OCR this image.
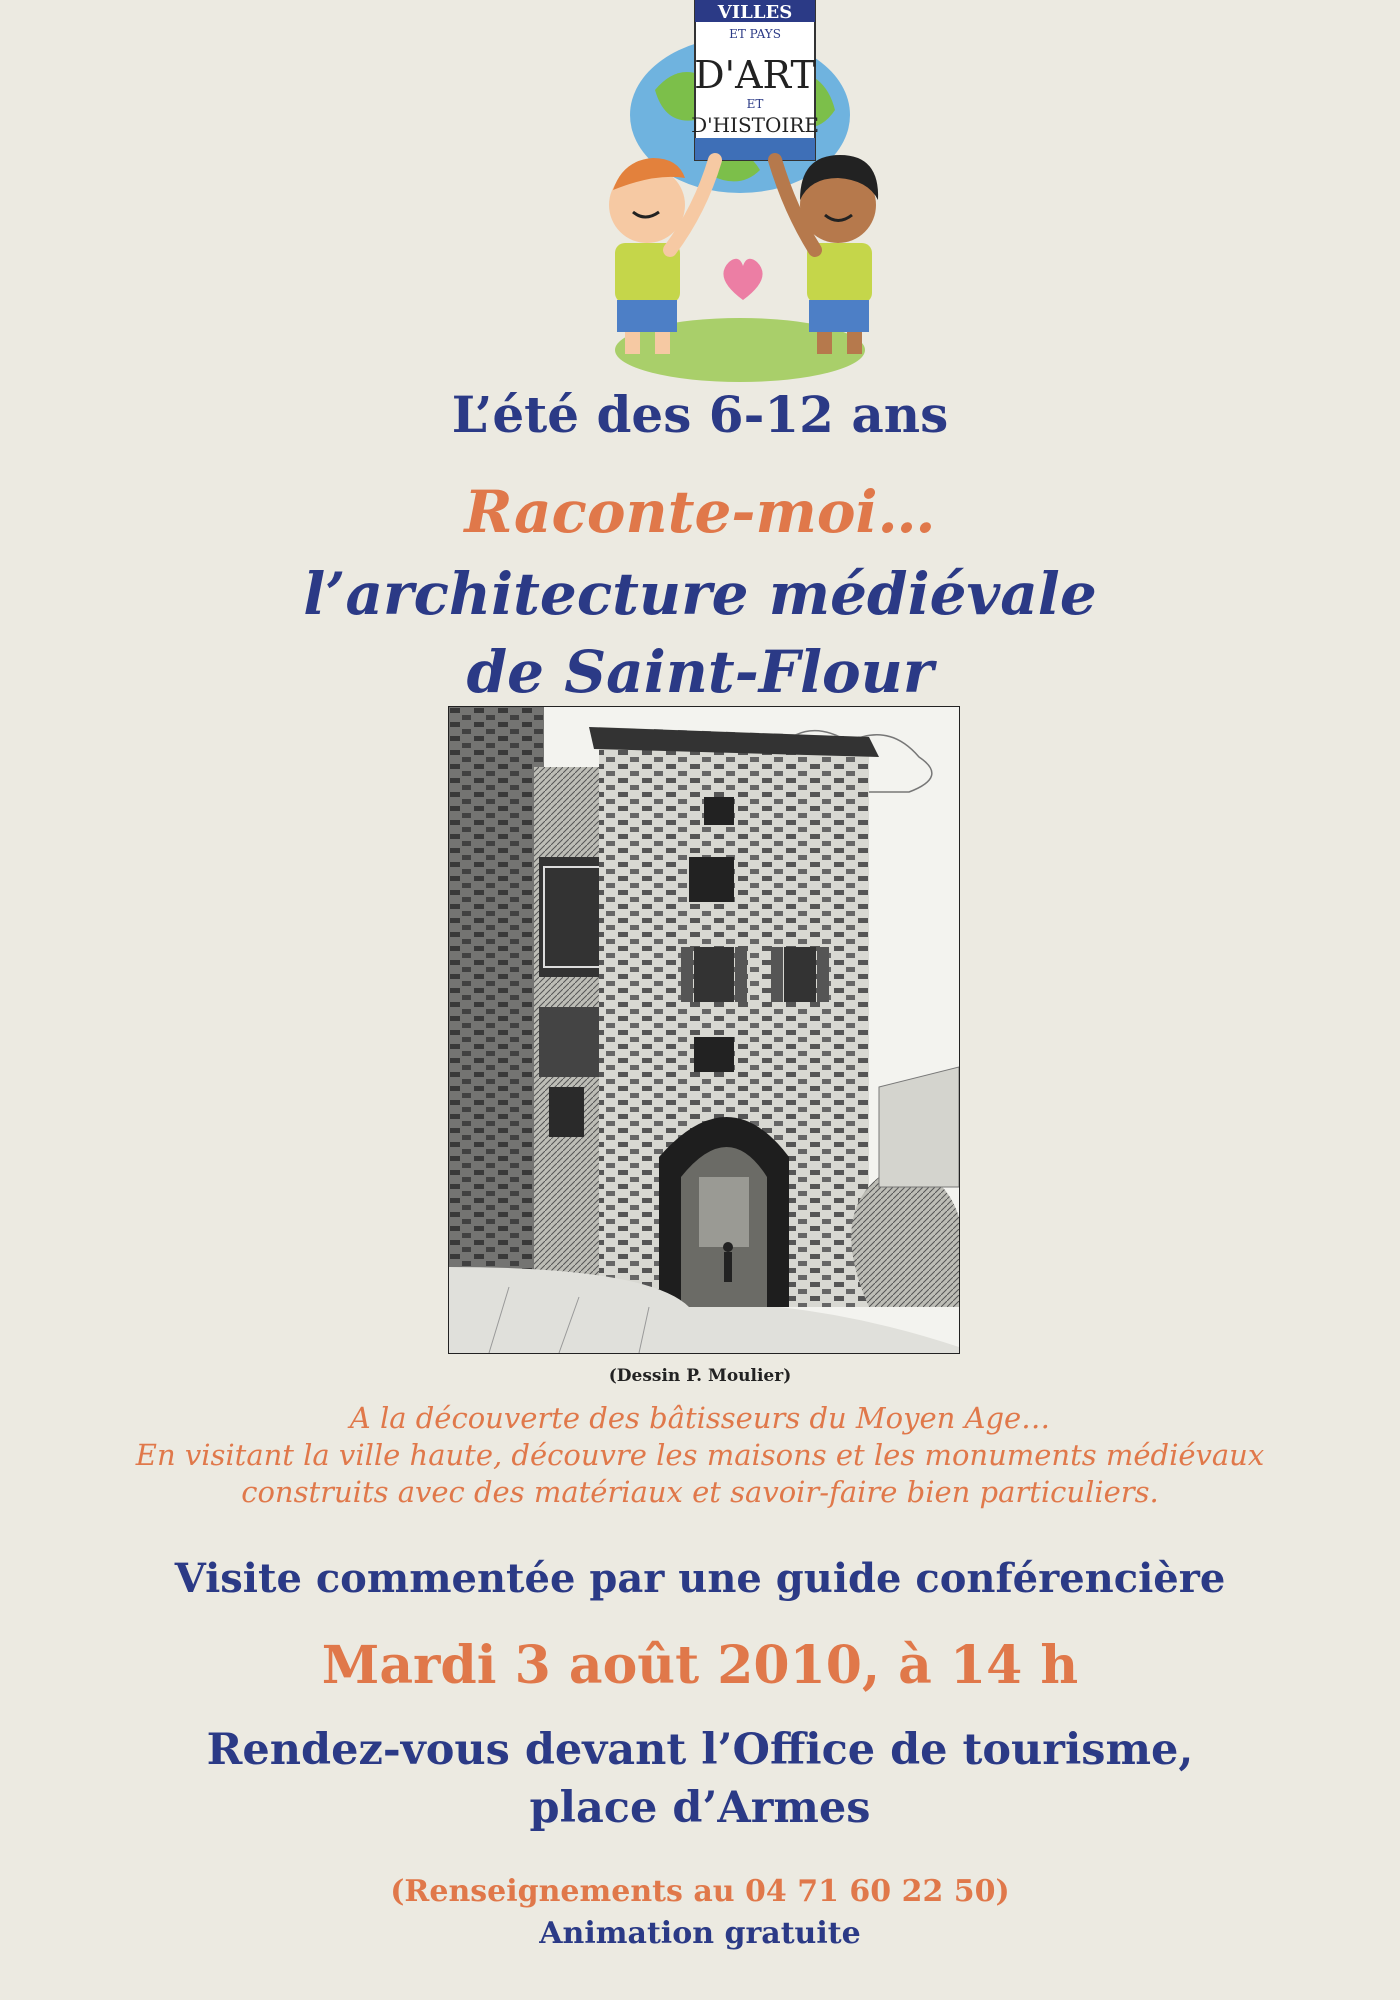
VILLES
ET PAYS
D'ART
ET
D'HISTOIRE
L’été des 6-12 ans
Raconte-moi…
l’architecture médiévale
de Saint-Flour
(Dessin P. Moulier)
A la découverte des bâtisseurs du Moyen Age…
En visitant la ville haute, découvre les maisons et les monuments médiévaux
construits avec des matériaux et savoir-faire bien particuliers.
Visite commentée par une guide conférencière
Mardi 3 août 2010, à 14 h
Rendez-vous devant l’Office de tourisme,
place d’Armes
(Renseignements au 04 71 60 22 50)
Animation gratuite
